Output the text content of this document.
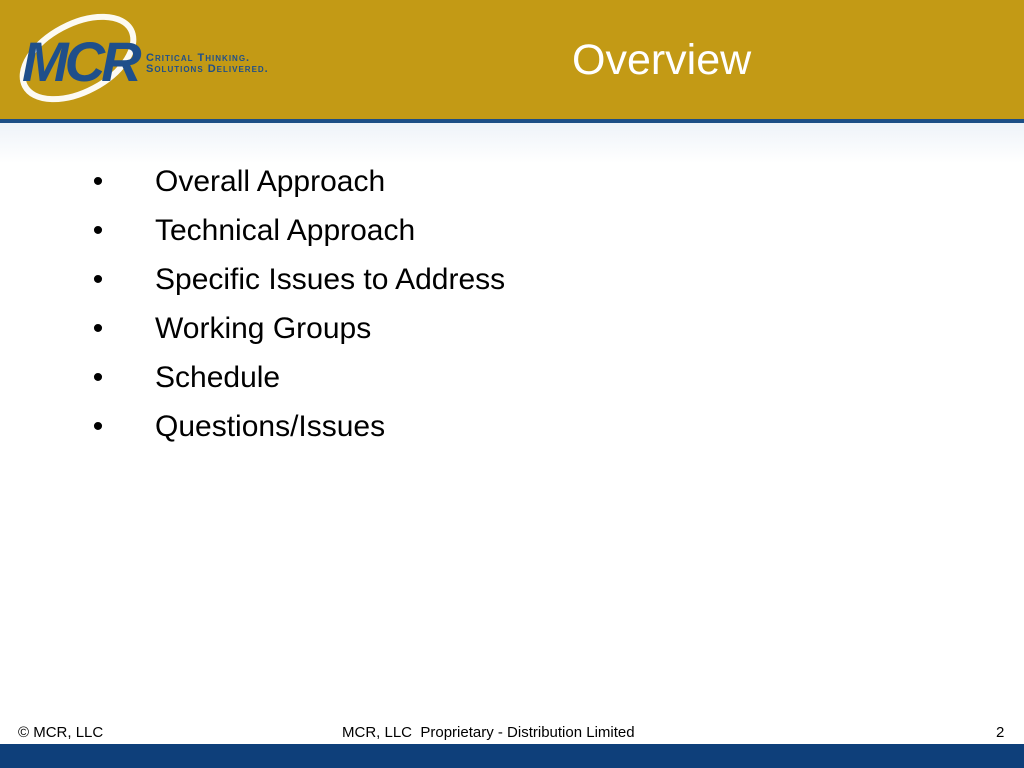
MCR Critical Thinking.
Solutions Delivered.	Overview
• Overall Approach
• Technical Approach
• Specific Issues to Address
• Working Groups
• Schedule
• Questions/Issues
© MCR, LLC	MCR, LLC  Proprietary - Distribution Limited	2
